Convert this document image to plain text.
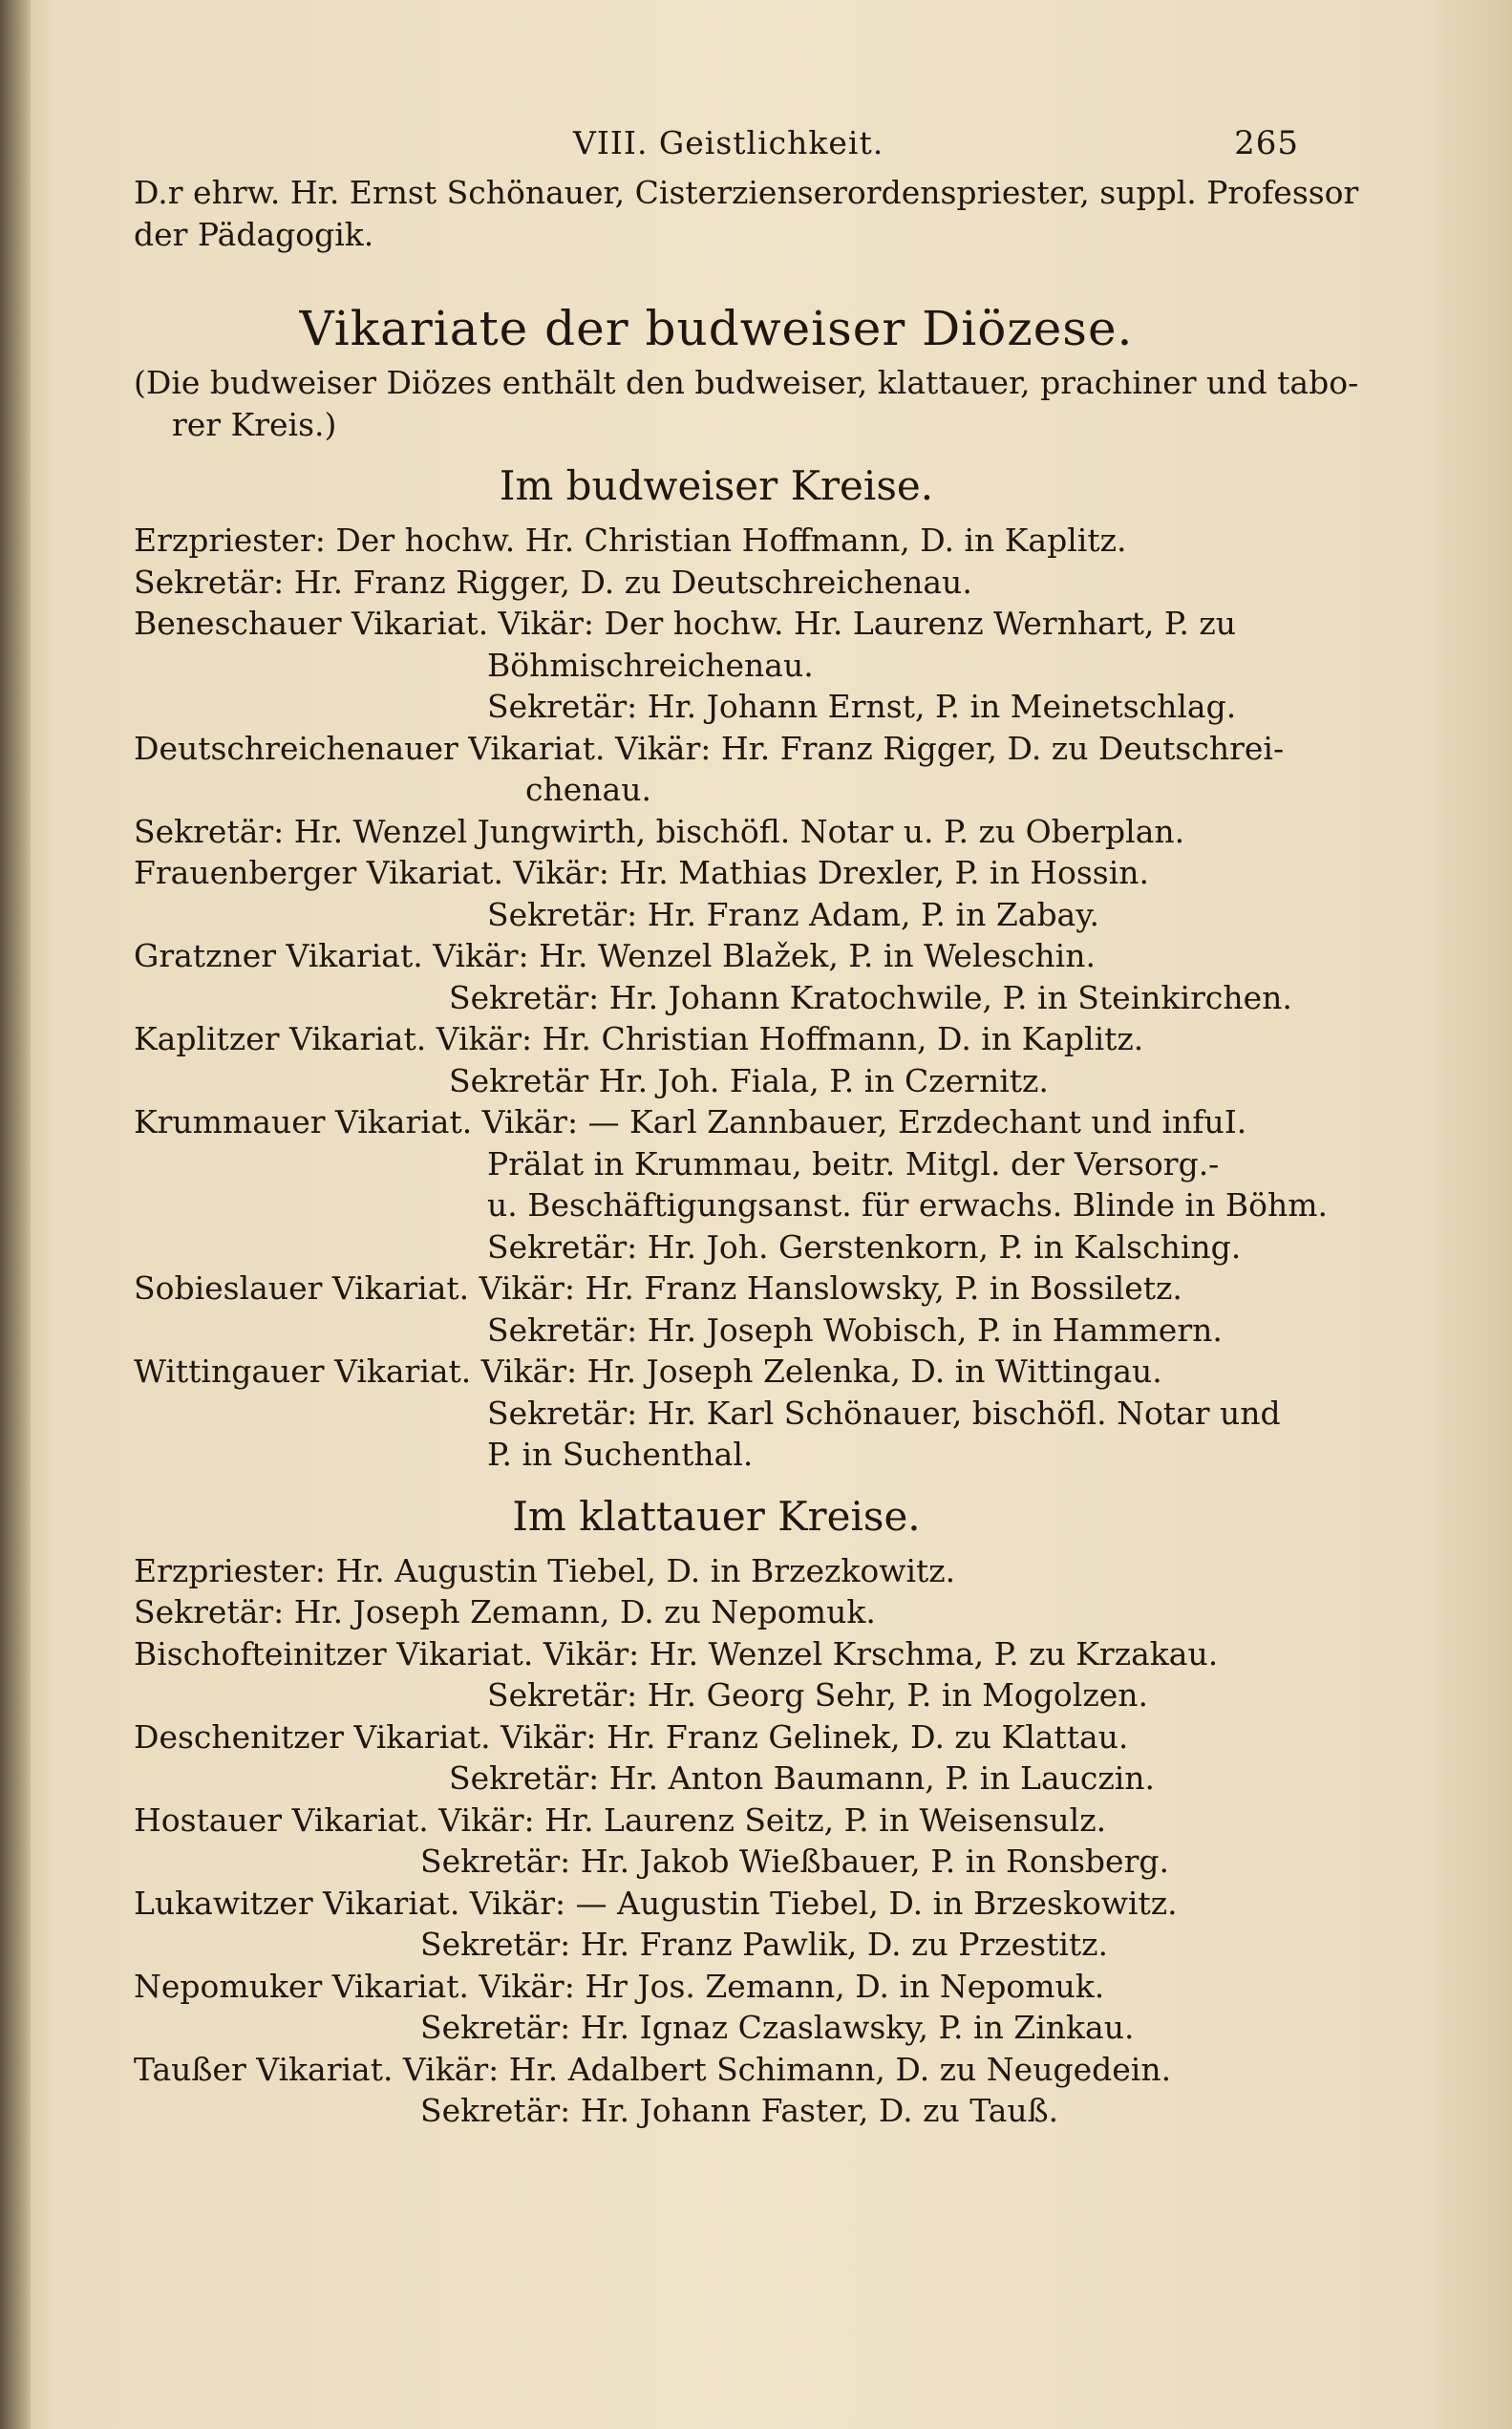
VIII. Geistlichkeit.	265
D.r ehrw. Hr. Ernst Schönauer, Cisterzienserordenspriester, suppl. Professor
der Pädagogik.
Vikariate der budweiser Diözese.
(Die budweiser Diözes enthält den budweiser, klattauer, prachiner und tabo-
rer Kreis.)
Im budweiser Kreise.
Erzpriester: Der hochw. Hr. Christian Hoffmann, D. in Kaplitz.
Sekretär: Hr. Franz Rigger, D. zu Deutschreichenau.
Beneschauer Vikariat. Vikär: Der hochw. Hr. Laurenz Wernhart, P. zu
Böhmischreichenau.
Sekretär: Hr. Johann Ernst, P. in Meinetschlag.
Deutschreichenauer Vikariat. Vikär: Hr. Franz Rigger, D. zu Deutschrei-
chenau.
Sekretär: Hr. Wenzel Jungwirth, bischöfl. Notar u. P. zu Oberplan.
Frauenberger Vikariat. Vikär: Hr. Mathias Drexler, P. in Hossin.
Sekretär: Hr. Franz Adam, P. in Zabay.
Gratzner Vikariat. Vikär: Hr. Wenzel Blažek, P. in Weleschin.
Sekretär: Hr. Johann Kratochwile, P. in Steinkirchen.
Kaplitzer Vikariat. Vikär: Hr. Christian Hoffmann, D. in Kaplitz.
Sekretär Hr. Joh. Fiala, P. in Czernitz.
Krummauer Vikariat. Vikär: — Karl Zannbauer, Erzdechant und infuI.
Prälat in Krummau, beitr. Mitgl. der Versorg.-
u. Beschäftigungsanst. für erwachs. Blinde in Böhm.
Sekretär: Hr. Joh. Gerstenkorn, P. in Kalsching.
Sobieslauer Vikariat. Vikär: Hr. Franz Hanslowsky, P. in Bossiletz.
Sekretär: Hr. Joseph Wobisch, P. in Hammern.
Wittingauer Vikariat. Vikär: Hr. Joseph Zelenka, D. in Wittingau.
Sekretär: Hr. Karl Schönauer, bischöfl. Notar und
P. in Suchenthal.
Im klattauer Kreise.
Erzpriester: Hr. Augustin Tiebel, D. in Brzezkowitz.
Sekretär: Hr. Joseph Zemann, D. zu Nepomuk.
Bischofteinitzer Vikariat. Vikär: Hr. Wenzel Krschma, P. zu Krzakau.
Sekretär: Hr. Georg Sehr, P. in Mogolzen.
Deschenitzer Vikariat. Vikär: Hr. Franz Gelinek, D. zu Klattau.
Sekretär: Hr. Anton Baumann, P. in Lauczin.
Hostauer Vikariat. Vikär: Hr. Laurenz Seitz, P. in Weisensulz.
Sekretär: Hr. Jakob Wießbauer, P. in Ronsberg.
Lukawitzer Vikariat. Vikär: — Augustin Tiebel, D. in Brzeskowitz.
Sekretär: Hr. Franz Pawlik, D. zu Przestitz.
Nepomuker Vikariat. Vikär: Hr Jos. Zemann, D. in Nepomuk.
Sekretär: Hr. Ignaz Czaslawsky, P. in Zinkau.
Taußer Vikariat. Vikär: Hr. Adalbert Schimann, D. zu Neugedein.
Sekretär: Hr. Johann Faster, D. zu Tauß.
